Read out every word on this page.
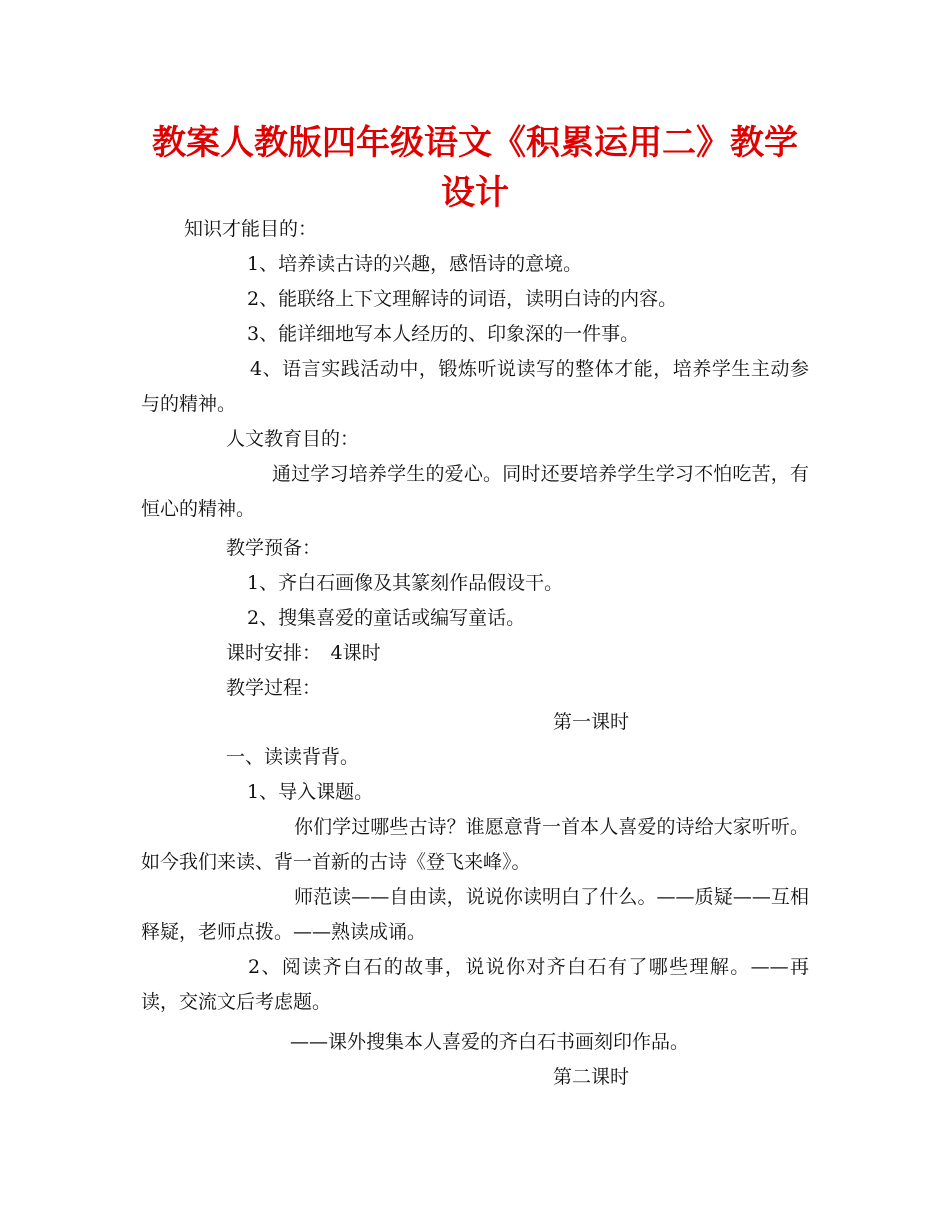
教案人教版四年级语文《积累运用二》教学设计

知识才能目的：

1、培养读古诗的兴趣，感悟诗的意境。

2、能联络上下文理解诗的词语，读明白诗的内容。

3、能详细地写本人经历的、印象深的一件事。

4、语言实践活动中，锻炼听说读写的整体才能，培养学生主动参与的精神。

人文教育目的：

通过学习培养学生的爱心。同时还要培养学生学习不怕吃苦，有恒心的精神。

教学预备：

1、齐白石画像及其篆刻作品假设干。

2、搜集喜爱的童话或编写童话。

课时安排：　4课时

教学过程：

第一课时

一、读读背背。

1、导入课题。

你们学过哪些古诗？谁愿意背一首本人喜爱的诗给大家听听。如今我们来读、背一首新的古诗《登飞来峰》。

师范读——自由读，说说你读明白了什么。——质疑——互相释疑，老师点拨。——熟读成诵。

2、阅读齐白石的故事，说说你对齐白石有了哪些理解。——再读，交流文后考虑题。

——课外搜集本人喜爱的齐白石书画刻印作品。

第二课时
